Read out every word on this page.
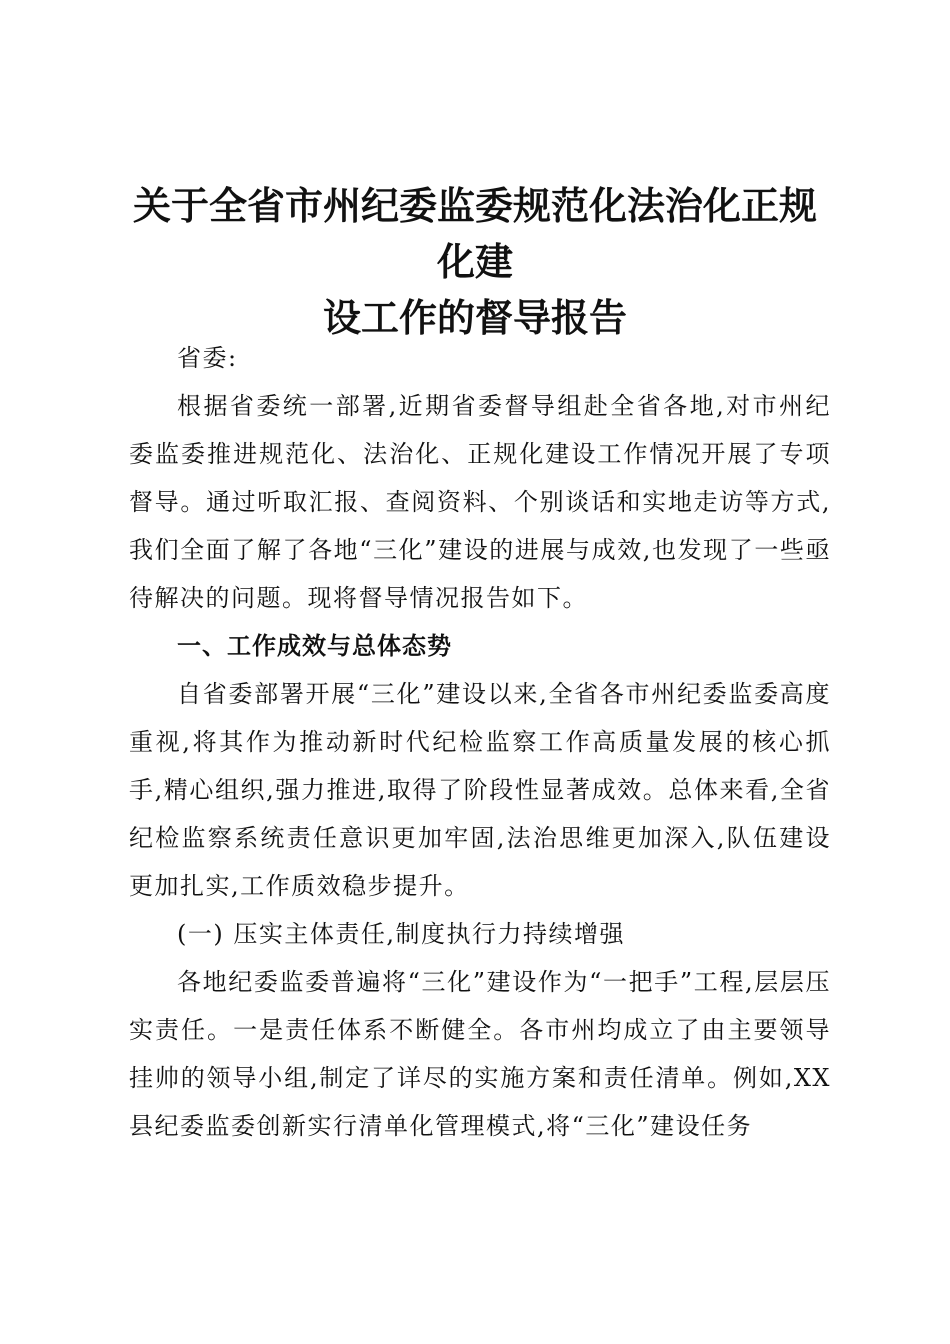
关于全省市州纪委监委规范化法治化正规化建
设工作的督导报告

省委:

根据省委统一部署,近期省委督导组赴全省各地,对市州纪委监委推进规范化、法治化、正规化建设工作情况开展了专项督导。通过听取汇报、查阅资料、个别谈话和实地走访等方式,我们全面了解了各地“三化”建设的进展与成效,也发现了一些亟待解决的问题。现将督导情况报告如下。

一、工作成效与总体态势

自省委部署开展“三化”建设以来,全省各市州纪委监委高度重视,将其作为推动新时代纪检监察工作高质量发展的核心抓手,精心组织,强力推进,取得了阶段性显著成效。总体来看,全省纪检监察系统责任意识更加牢固,法治思维更加深入,队伍建设更加扎实,工作质效稳步提升。

(一) 压实主体责任,制度执行力持续增强

各地纪委监委普遍将“三化”建设作为“一把手”工程,层层压实责任。一是责任体系不断健全。各市州均成立了由主要领导挂帅的领导小组,制定了详尽的实施方案和责任清单。例如,XX 县纪委监委创新实行清单化管理模式,将“三化”建设任务
